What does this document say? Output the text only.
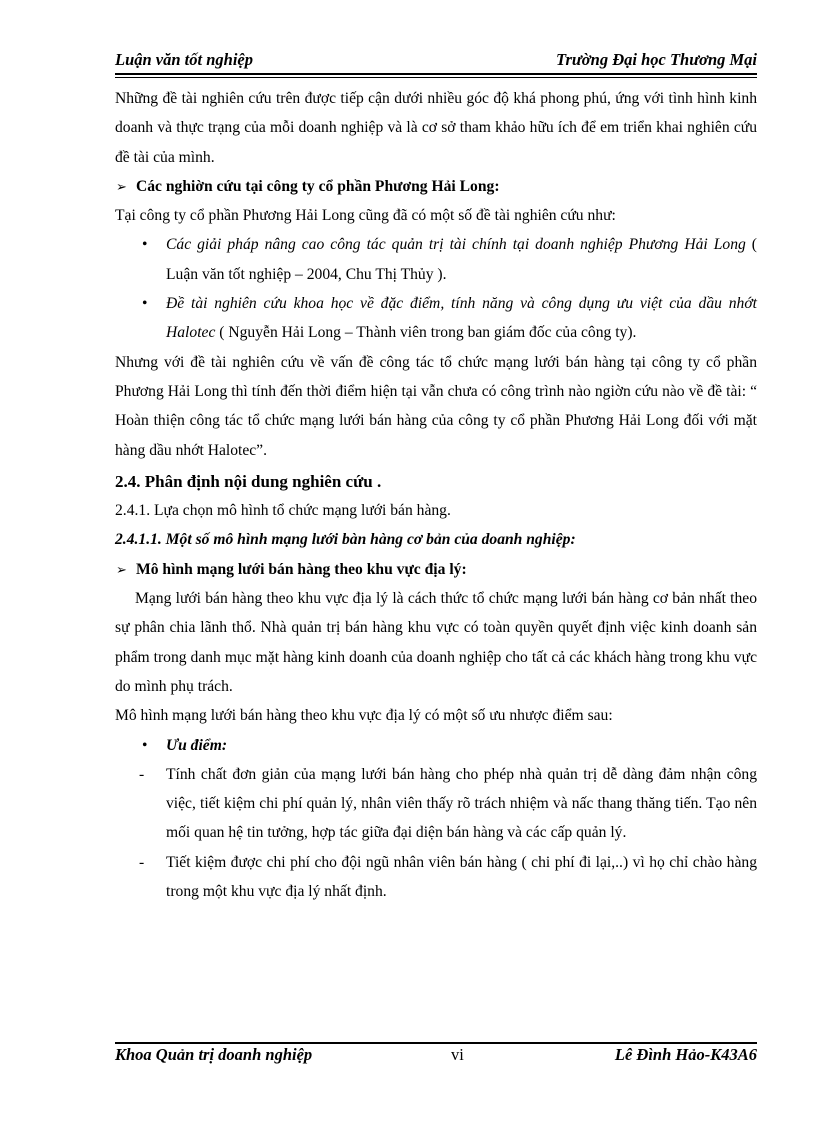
Luận văn tốt nghiệp	Trường Đại học Thương Mại

Những đề tài nghiên cứu trên được tiếp cận dưới nhiều góc độ khá phong phú, ứng với tình hình kinh doanh và thực trạng của mỗi doanh nghiệp và là cơ sở tham khảo hữu ích để em triển khai nghiên cứu đề tài của mình.

➢ Các nghiờn cứu tại công ty cổ phần Phương Hải Long:

Tại công ty cổ phần Phương Hải Long cũng đã có một số đề tài nghiên cứu như:

• Các giải pháp nâng cao công tác quản trị tài chính tại doanh nghiệp Phương Hải Long ( Luận văn tốt nghiệp – 2004, Chu Thị Thủy ).
• Đề tài nghiên cứu khoa học về đặc điểm, tính năng và công dụng ưu việt của dầu nhớt Halotec ( Nguyễn Hải Long – Thành viên trong ban giám đốc của công ty).

Nhưng với đề tài nghiên cứu về vấn đề công tác tổ chức mạng lưới bán hàng tại công ty cổ phần Phương Hải Long thì tính đến thời điểm hiện tại vẫn chưa có công trình nào ngiờn cứu nào về đề tài: “ Hoàn thiện công tác tổ chức mạng lưới bán hàng của công ty cổ phần Phương Hải Long đối với mặt hàng dầu nhớt Halotec”.

2.4. Phân định nội dung nghiên cứu .
2.4.1. Lựa chọn mô hình tổ chức mạng lưới bán hàng.
2.4.1.1. Một số mô hình mạng lưới bàn hàng cơ bản của doanh nghiệp:
➢ Mô hình mạng lưới bán hàng theo khu vực địa lý:

Mạng lưới bán hàng theo khu vực địa lý là cách thức tổ chức mạng lưới bán hàng cơ bản nhất theo sự phân chia lãnh thổ. Nhà quản trị bán hàng khu vực có toàn quyền quyết định việc kinh doanh sản phẩm trong danh mục mặt hàng kinh doanh của doanh nghiệp cho tất cả các khách hàng trong khu vực do mình phụ trách.

Mô hình mạng lưới bán hàng theo khu vực địa lý có một số ưu nhược điểm sau:

• Ưu điểm:
- Tính chất đơn giản của mạng lưới bán hàng cho phép nhà quản trị dễ dàng đảm nhận công việc, tiết kiệm chi phí quản lý, nhân viên thấy rõ trách nhiệm và nấc thang thăng tiến. Tạo nên mối quan hệ tin tưởng, hợp tác giữa đại diện bán hàng và các cấp quản lý.
- Tiết kiệm được chi phí cho đội ngũ nhân viên bán hàng ( chi phí đi lại,..) vì họ chỉ chào hàng trong một khu vực địa lý nhất định.
Khoa Quản trị doanh nghiệp	vi	Lê Đình Hảo-K43A6
